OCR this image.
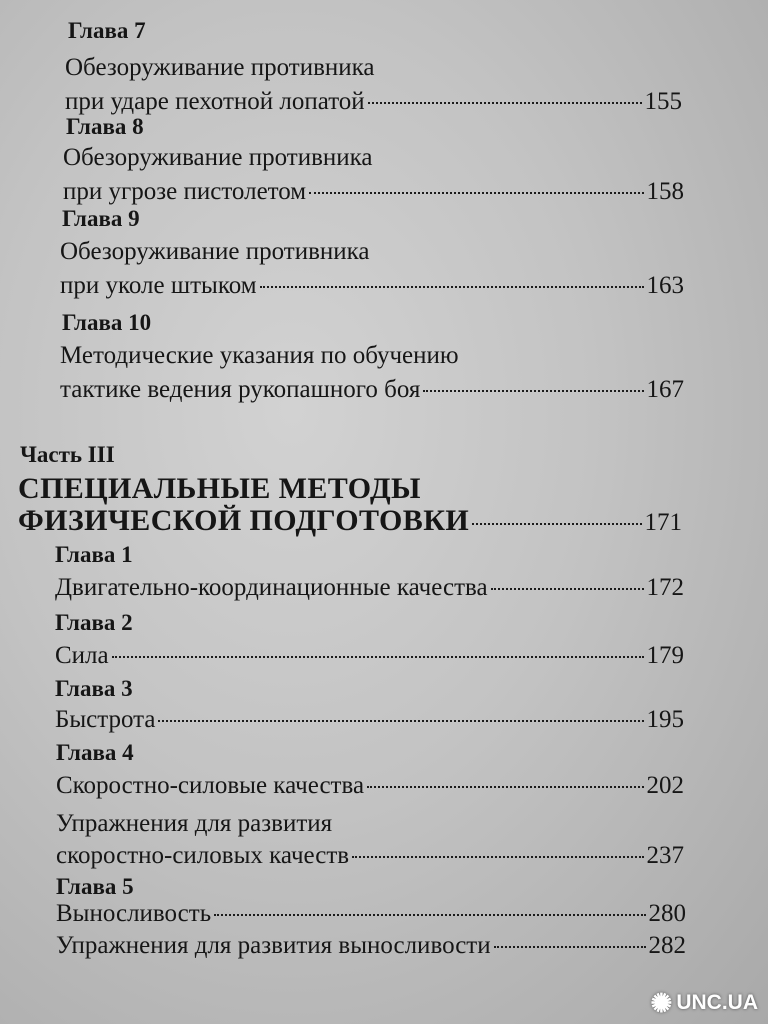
Глава 7
Обезоруживание противника
при ударе пехотной лопатой	155
Глава 8
Обезоруживание противника
при угрозе пистолетом	158
Глава 9
Обезоруживание противника
при уколе штыком	163
Глава 10
Методические указания по обучению
тактике ведения рукопашного боя	167
Часть III
СПЕЦИАЛЬНЫЕ МЕТОДЫ
ФИЗИЧЕСКОЙ ПОДГОТОВКИ	171
Глава 1
Двигательно-координационные качества	172
Глава 2
Сила	179
Глава 3
Быстрота	195
Глава 4
Скоростно-силовые качества	202
Упражнения для развития
скоростно-силовых качеств	237
Глава 5
Выносливость	280
Упражнения для развития выносливости	282
✺ UNC.UA
